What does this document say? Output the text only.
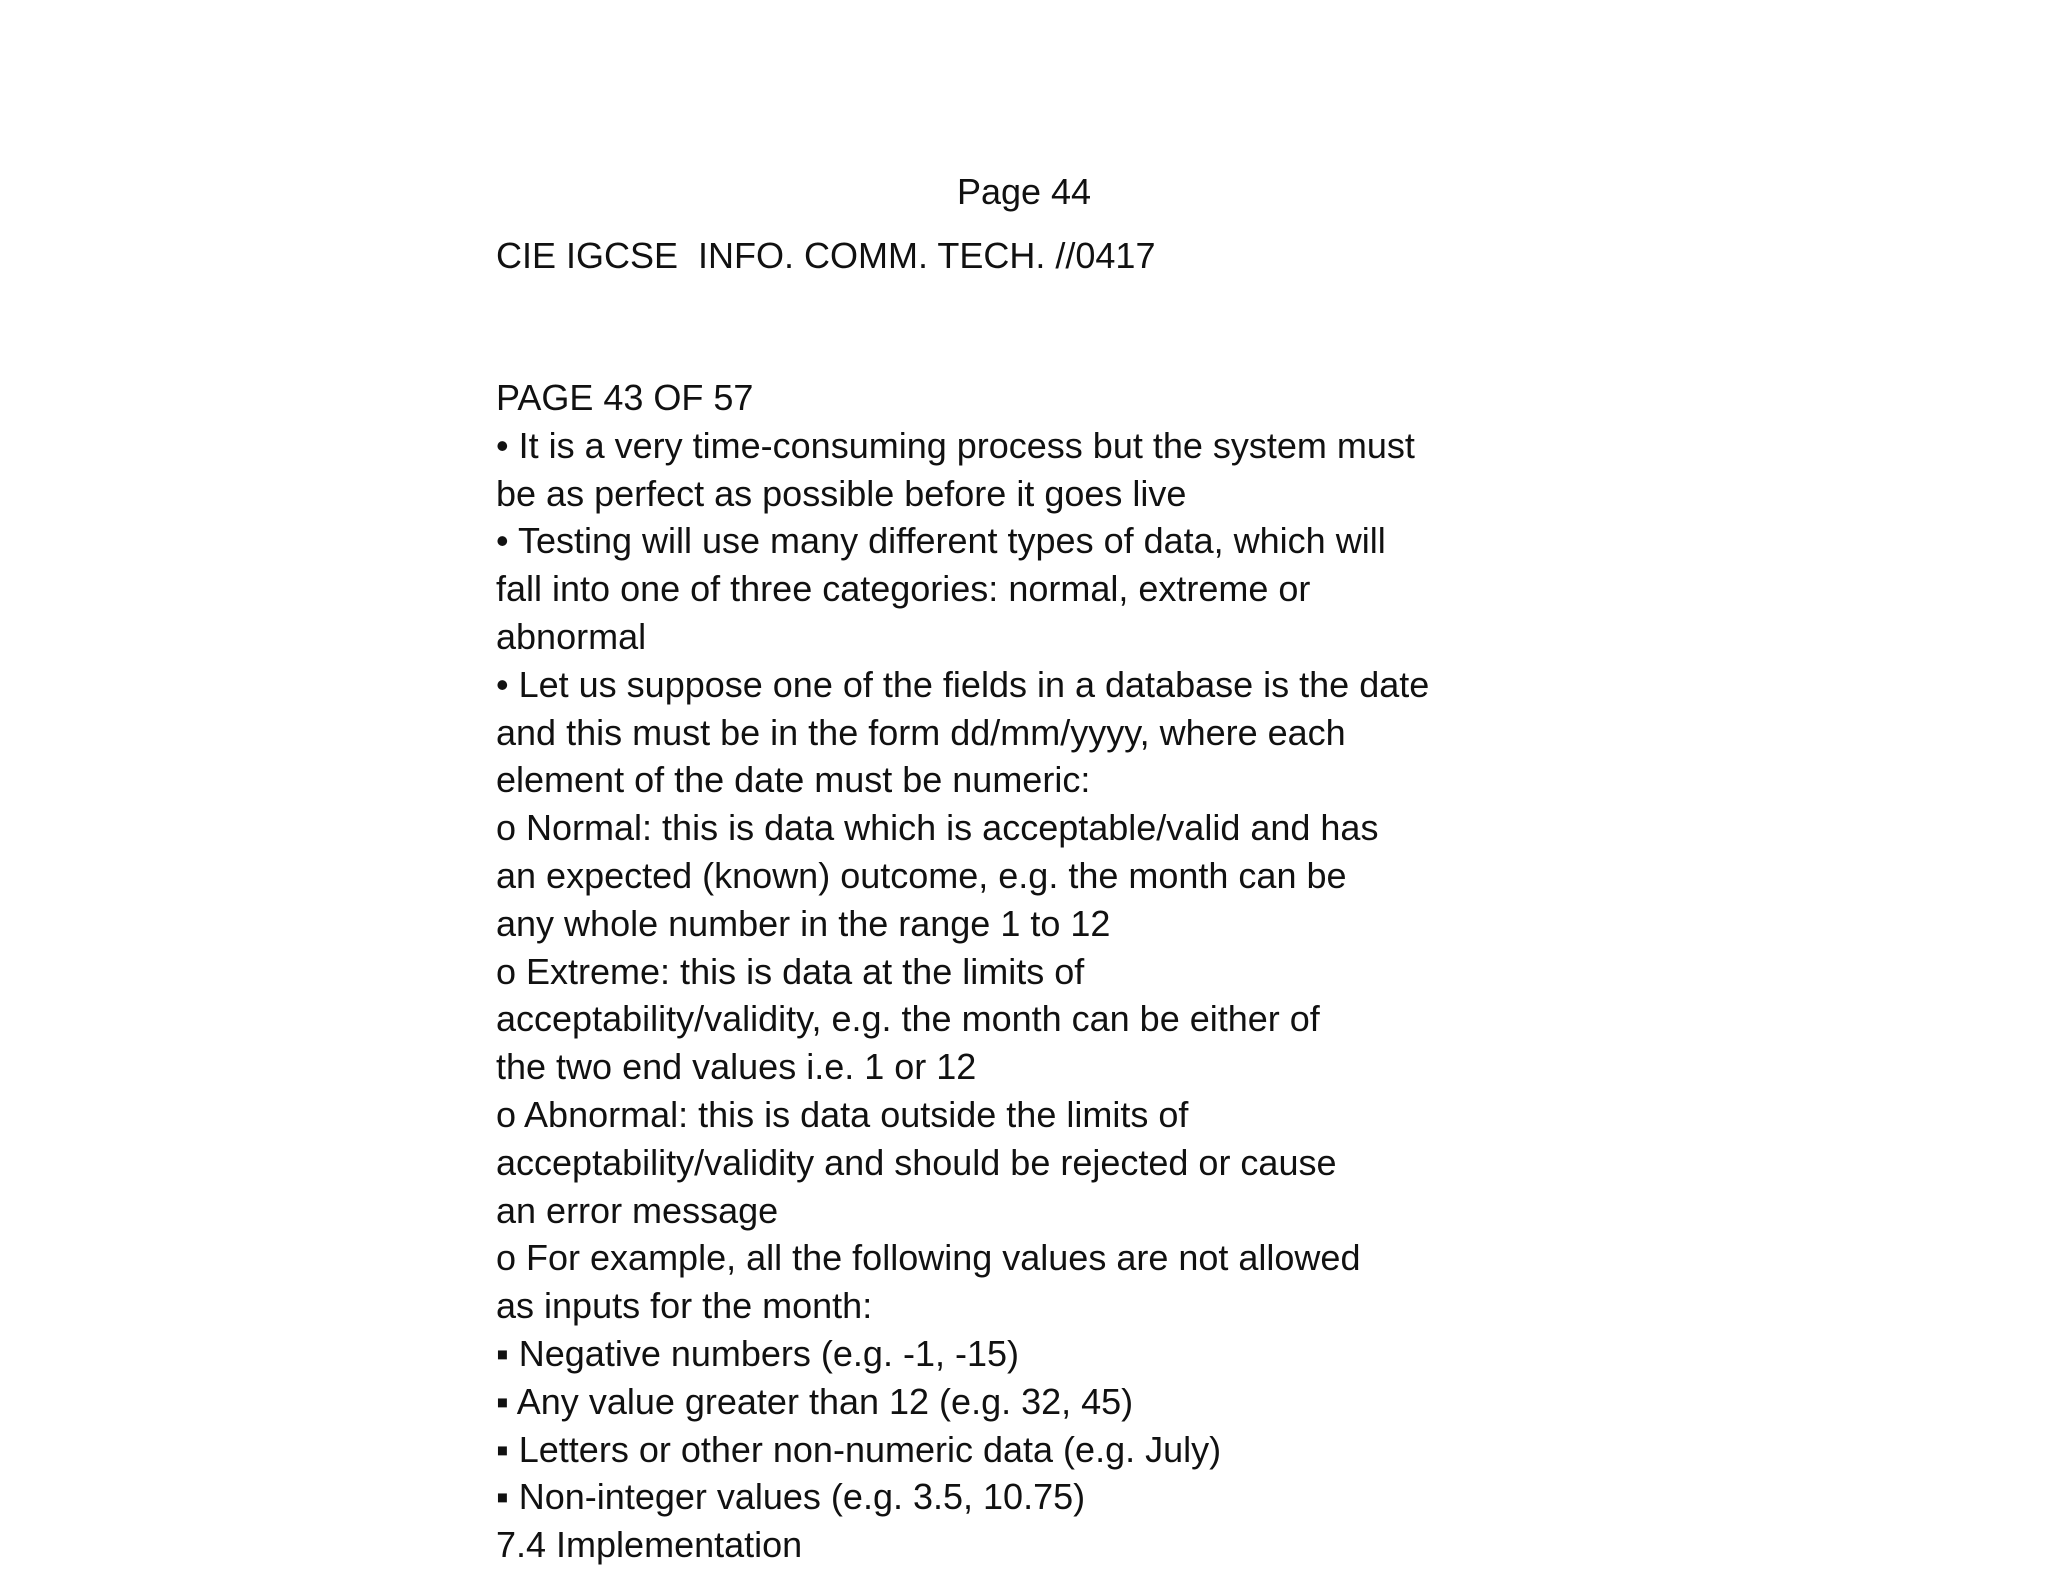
Page 44
CIE IGCSE  INFO. COMM. TECH. //0417
PAGE 43 OF 57
• It is a very time-consuming process but the system must
be as perfect as possible before it goes live
• Testing will use many different types of data, which will
fall into one of three categories: normal, extreme or
abnormal
• Let us suppose one of the fields in a database is the date
and this must be in the form dd/mm/yyyy, where each
element of the date must be numeric:
o Normal: this is data which is acceptable/valid and has
an expected (known) outcome, e.g. the month can be
any whole number in the range 1 to 12
o Extreme: this is data at the limits of
acceptability/validity, e.g. the month can be either of
the two end values i.e. 1 or 12
o Abnormal: this is data outside the limits of
acceptability/validity and should be rejected or cause
an error message
o For example, all the following values are not allowed
as inputs for the month:
▪ Negative numbers (e.g. -1, -15)
▪ Any value greater than 12 (e.g. 32, 45)
▪ Letters or other non-numeric data (e.g. July)
▪ Non-integer values (e.g. 3.5, 10.75)
7.4 Implementation
